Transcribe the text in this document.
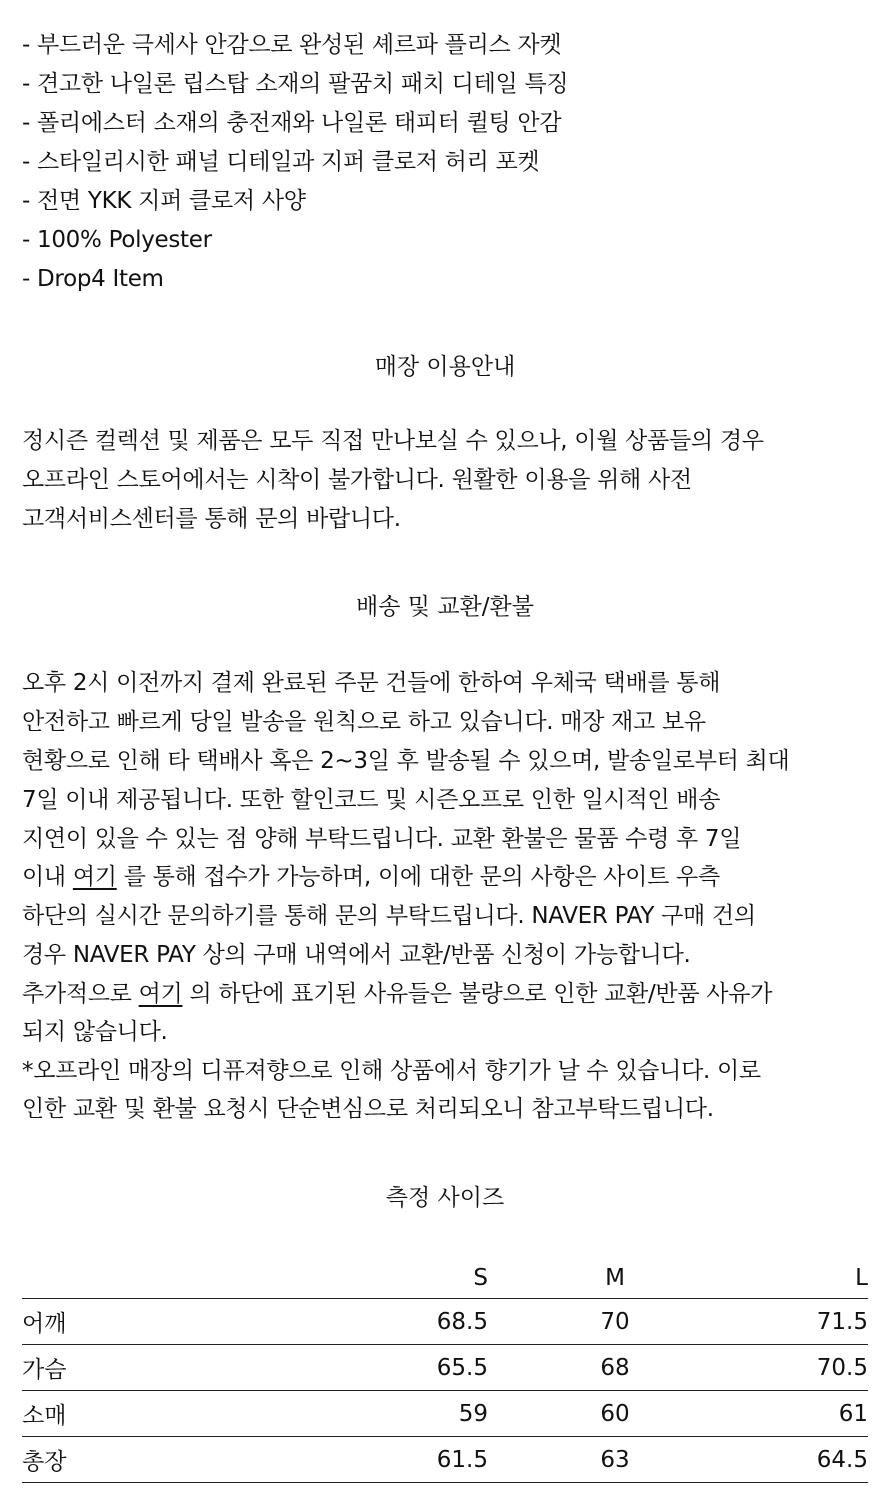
- 부드러운 극세사 안감으로 완성된 셰르파 플리스 자켓
- 견고한 나일론 립스탑 소재의 팔꿈치 패치 디테일 특징
- 폴리에스터 소재의 충전재와 나일론 태피터 퀼팅 안감
- 스타일리시한 패널 디테일과 지퍼 클로저 허리 포켓
- 전면 YKK 지퍼 클로저 사양
- 100% Polyester
- Drop4 Item
매장 이용안내
정시즌 컬렉션 및 제품은 모두 직접 만나보실 수 있으나, 이월 상품들의 경우
오프라인 스토어에서는 시착이 불가합니다. 원활한 이용을 위해 사전
고객서비스센터를 통해 문의 바랍니다.
배송 및 교환/환불
오후 2시 이전까지 결제 완료된 주문 건들에 한하여 우체국 택배를 통해
안전하고 빠르게 당일 발송을 원칙으로 하고 있습니다. 매장 재고 보유
현황으로 인해 타 택배사 혹은 2~3일 후 발송될 수 있으며, 발송일로부터 최대
7일 이내 제공됩니다. 또한 할인코드 및 시즌오프로 인한 일시적인 배송
지연이 있을 수 있는 점 양해 부탁드립니다. 교환 환불은 물품 수령 후 7일
이내 여기 를 통해 접수가 가능하며, 이에 대한 문의 사항은 사이트 우측
하단의 실시간 문의하기를 통해 문의 부탁드립니다. NAVER PAY 구매 건의
경우 NAVER PAY 상의 구매 내역에서 교환/반품 신청이 가능합니다.
추가적으로 여기 의 하단에 표기된 사유들은 불량으로 인한 교환/반품 사유가
되지 않습니다.
*오프라인 매장의 디퓨져향으로 인해 상품에서 향기가 날 수 있습니다. 이로
인한 교환 및 환불 요청시 단순변심으로 처리되오니 참고부탁드립니다.
측정 사이즈
	S	M	L
어깨	68.5	70	71.5
가슴	65.5	68	70.5
소매	59	60	61
총장	61.5	63	64.5
